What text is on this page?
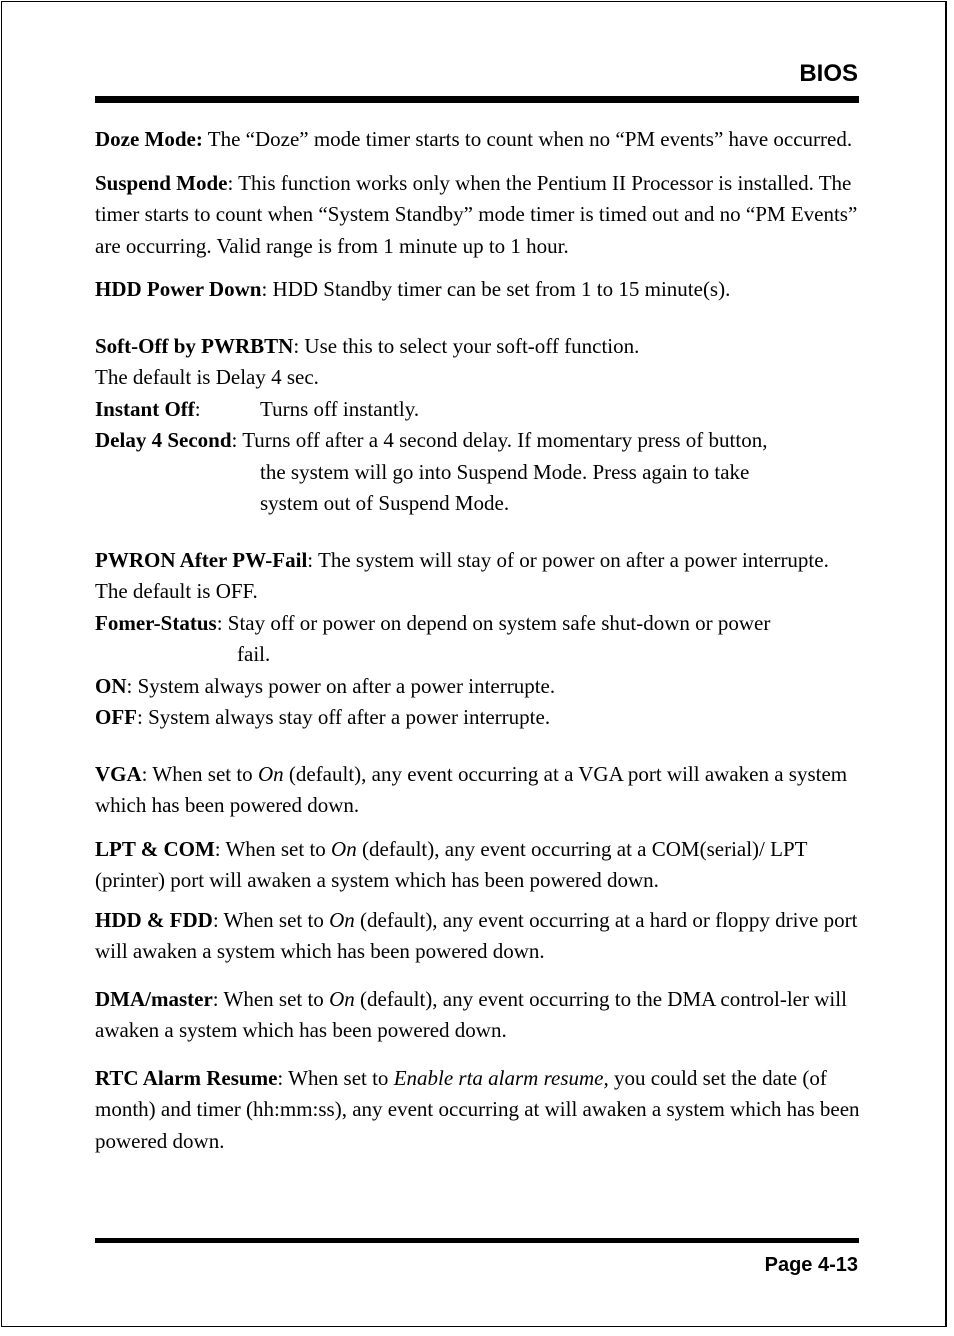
BIOS

Doze Mode: The “Doze” mode timer starts to count when no “PM events” have occurred.

Suspend Mode: This function works only when the Pentium II Processor is installed. The timer starts to count when “System Standby” mode timer is timed out and no “PM Events” are occurring. Valid range is from 1 minute up to 1 hour.

HDD Power Down: HDD Standby timer can be set from 1 to 15 minute(s).

Soft-Off by PWRBTN: Use this to select your soft-off function.

The default is Delay 4 sec.

Instant Off:	Turns off instantly.

Delay 4 Second: Turns off after a 4 second delay. If momentary press of button,

the system will go into Suspend Mode. Press again to take

system out of Suspend Mode.

PWRON After PW-Fail: The system will stay of or power on after a power interrupte. The default is OFF.

Fomer-Status: Stay off or power on depend on system safe shut-down or power

fail.

ON: System always power on after a power interrupte.

OFF: System always stay off after a power interrupte.

VGA: When set to On (default), any event occurring at a VGA port will awaken a system which has been powered down.

LPT & COM: When set to On (default), any event occurring at a COM(serial)/ LPT (printer) port will awaken a system which has been powered down.

HDD & FDD: When set to On (default), any event occurring at a hard or floppy drive port will awaken a system which has been powered down.

DMA/master: When set to On (default), any event occurring to the DMA control-ler will awaken a system which has been powered down.

RTC Alarm Resume: When set to Enable rta alarm resume, you could set the date (of month) and timer (hh:mm:ss), any event occurring at will awaken a system which has been powered down.

Page 4-13
